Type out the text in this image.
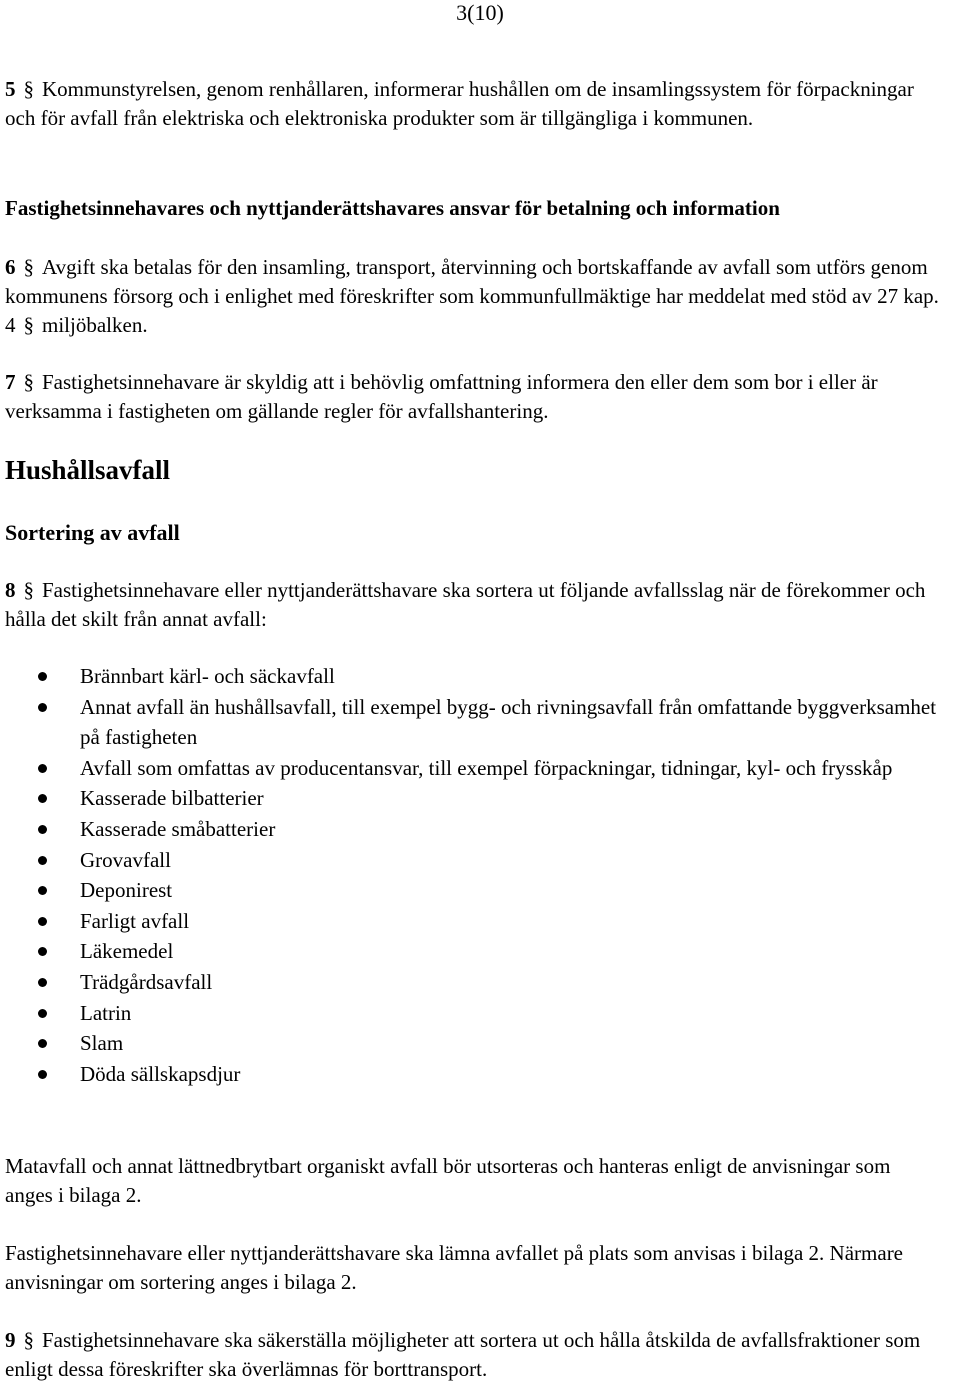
3(10)

5 § Kommunstyrelsen, genom renhållaren, informerar hushållen om de insamlingssystem för förpackningar och för avfall från elektriska och elektroniska produkter som är tillgängliga i kommunen.

Fastighetsinnehavares och nyttjanderättshavares ansvar för betalning och information

6 § Avgift ska betalas för den insamling, transport, återvinning och bortskaffande av avfall som utförs genom kommunens försorg och i enlighet med föreskrifter som kommunfullmäktige har meddelat med stöd av 27 kap. 4 § miljöbalken.

7 § Fastighetsinnehavare är skyldig att i behövlig omfattning informera den eller dem som bor i eller är verksamma i fastigheten om gällande regler för avfallshantering.

Hushållsavfall
Sortering av avfall

8 § Fastighetsinnehavare eller nyttjanderättshavare ska sortera ut följande avfallsslag när de förekommer och hålla det skilt från annat avfall:

Brännbart kärl- och säckavfall
Annat avfall än hushållsavfall, till exempel bygg- och rivningsavfall från omfattande byggverksamhet på fastigheten
Avfall som omfattas av producentansvar, till exempel förpackningar, tidningar, kyl- och frysskåp
Kasserade bilbatterier
Kasserade småbatterier
Grovavfall
Deponirest
Farligt avfall
Läkemedel
Trädgårdsavfall
Latrin
Slam
Döda sällskapsdjur

Matavfall och annat lättnedbrytbart organiskt avfall bör utsorteras och hanteras enligt de anvisningar som anges i bilaga 2.

Fastighetsinnehavare eller nyttjanderättshavare ska lämna avfallet på plats som anvisas i bilaga 2. Närmare anvisningar om sortering anges i bilaga 2.

9 § Fastighetsinnehavare ska säkerställa möjligheter att sortera ut och hålla åtskilda de avfallsfraktioner som enligt dessa föreskrifter ska överlämnas för borttransport.
